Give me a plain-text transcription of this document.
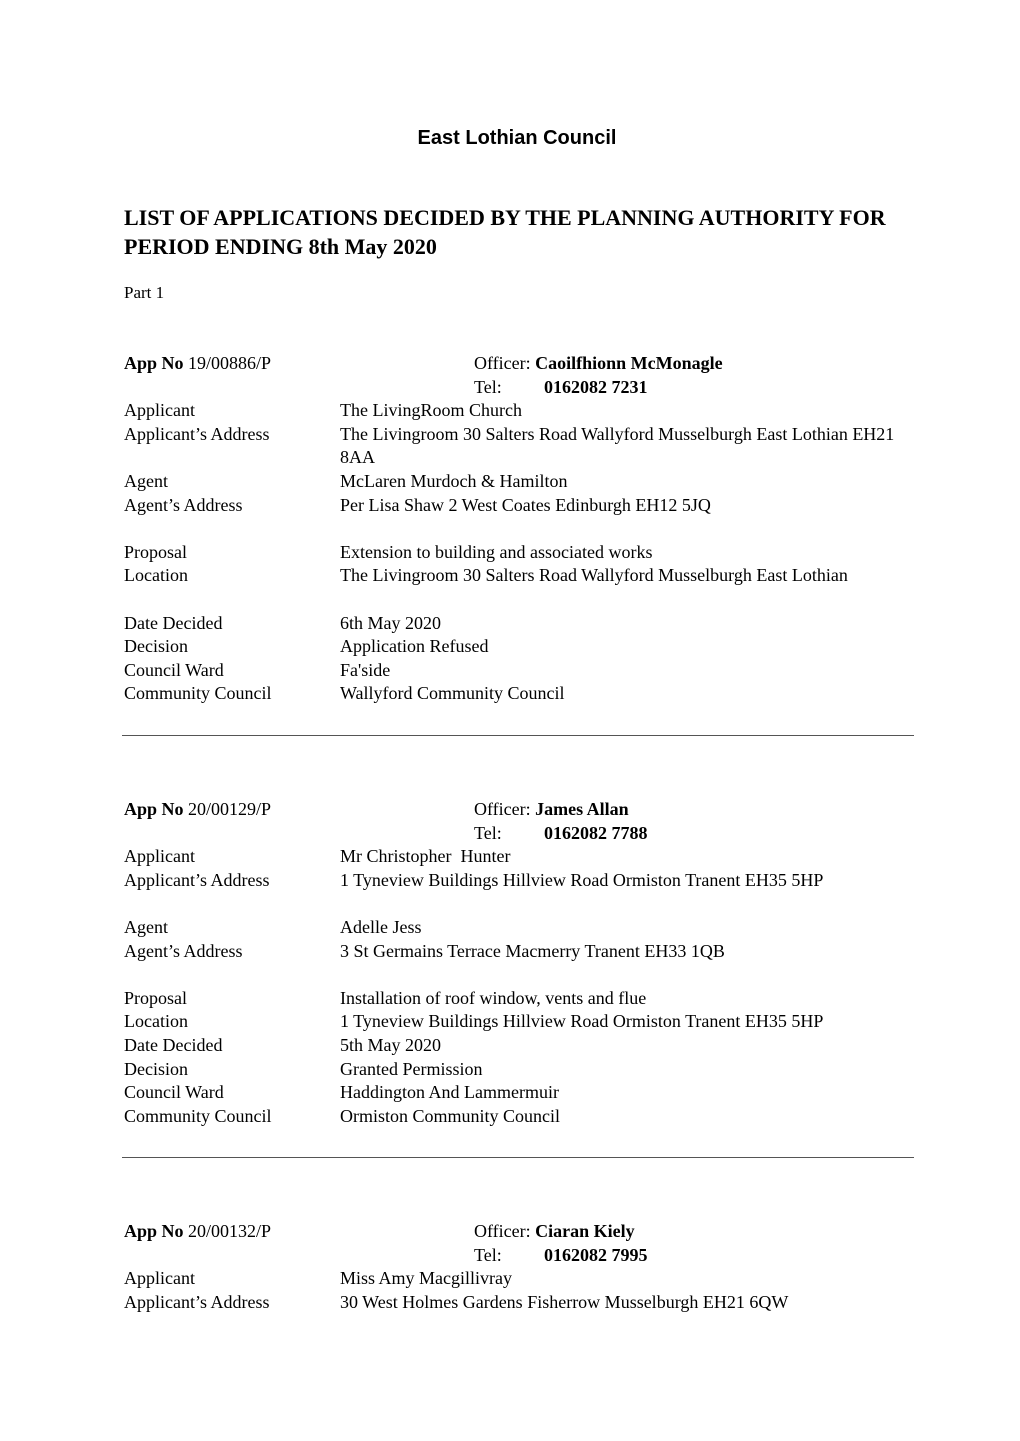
East Lothian Council
LIST OF APPLICATIONS DECIDED BY THE PLANNING AUTHORITY FOR PERIOD ENDING 8th May 2020
Part 1
App No 19/00886/P	Officer: Caoilfhionn McMonagle
Tel: 0162082 7231
Applicant	The LivingRoom Church
Applicant’s Address	The Livingroom 30 Salters Road Wallyford Musselburgh East Lothian EH21 8AA
Agent	McLaren Murdoch & Hamilton
Agent’s Address	Per Lisa Shaw 2 West Coates Edinburgh EH12 5JQ
Proposal	Extension to building and associated works
Location	The Livingroom 30 Salters Road Wallyford Musselburgh East Lothian
Date Decided	6th May 2020
Decision	Application Refused
Council Ward	Fa'side
Community Council	Wallyford Community Council
App No 20/00129/P	Officer: James Allan
Tel: 0162082 7788
Applicant	Mr Christopher  Hunter
Applicant’s Address	1 Tyneview Buildings Hillview Road Ormiston Tranent EH35 5HP
Agent	Adelle Jess
Agent’s Address	3 St Germains Terrace Macmerry Tranent EH33 1QB
Proposal	Installation of roof window, vents and flue
Location	1 Tyneview Buildings Hillview Road Ormiston Tranent EH35 5HP
Date Decided	5th May 2020
Decision	Granted Permission
Council Ward	Haddington And Lammermuir
Community Council	Ormiston Community Council
App No 20/00132/P	Officer: Ciaran Kiely
Tel: 0162082 7995
Applicant	Miss Amy Macgillivray
Applicant’s Address	30 West Holmes Gardens Fisherrow Musselburgh EH21 6QW
